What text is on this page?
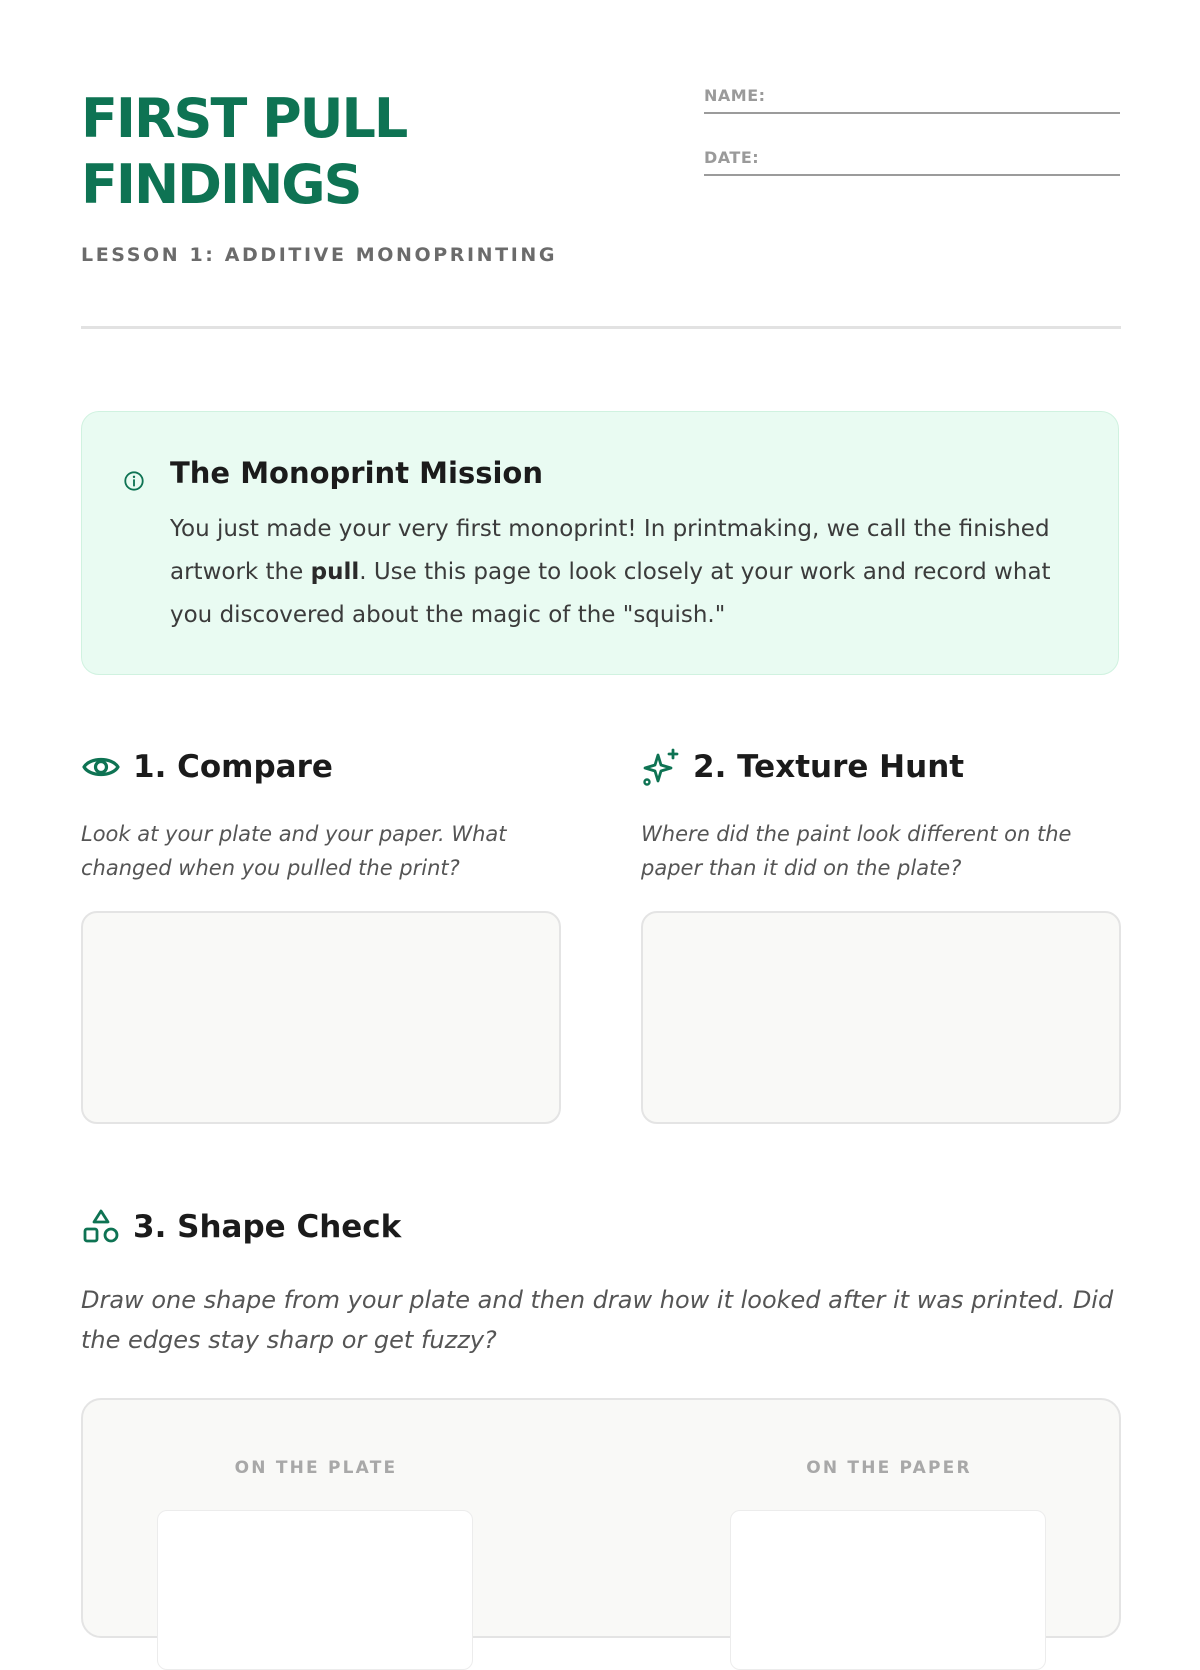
FIRST PULL
FINDINGS
LESSON 1: ADDITIVE MONOPRINTING
NAME:
DATE:
The Monoprint Mission

You just made your very first monoprint! In printmaking, we call the finished artwork the pull. Use this page to look closely at your work and record what you discovered about the magic of the "squish."

1. Compare

Look at your plate and your paper. What changed when you pulled the print?

2. Texture Hunt

Where did the paint look different on the paper than it did on the plate?

3. Shape Check

Draw one shape from your plate and then draw how it looked after it was printed. Did the edges stay sharp or get fuzzy?

ON THE PLATE	ON THE PAPER
